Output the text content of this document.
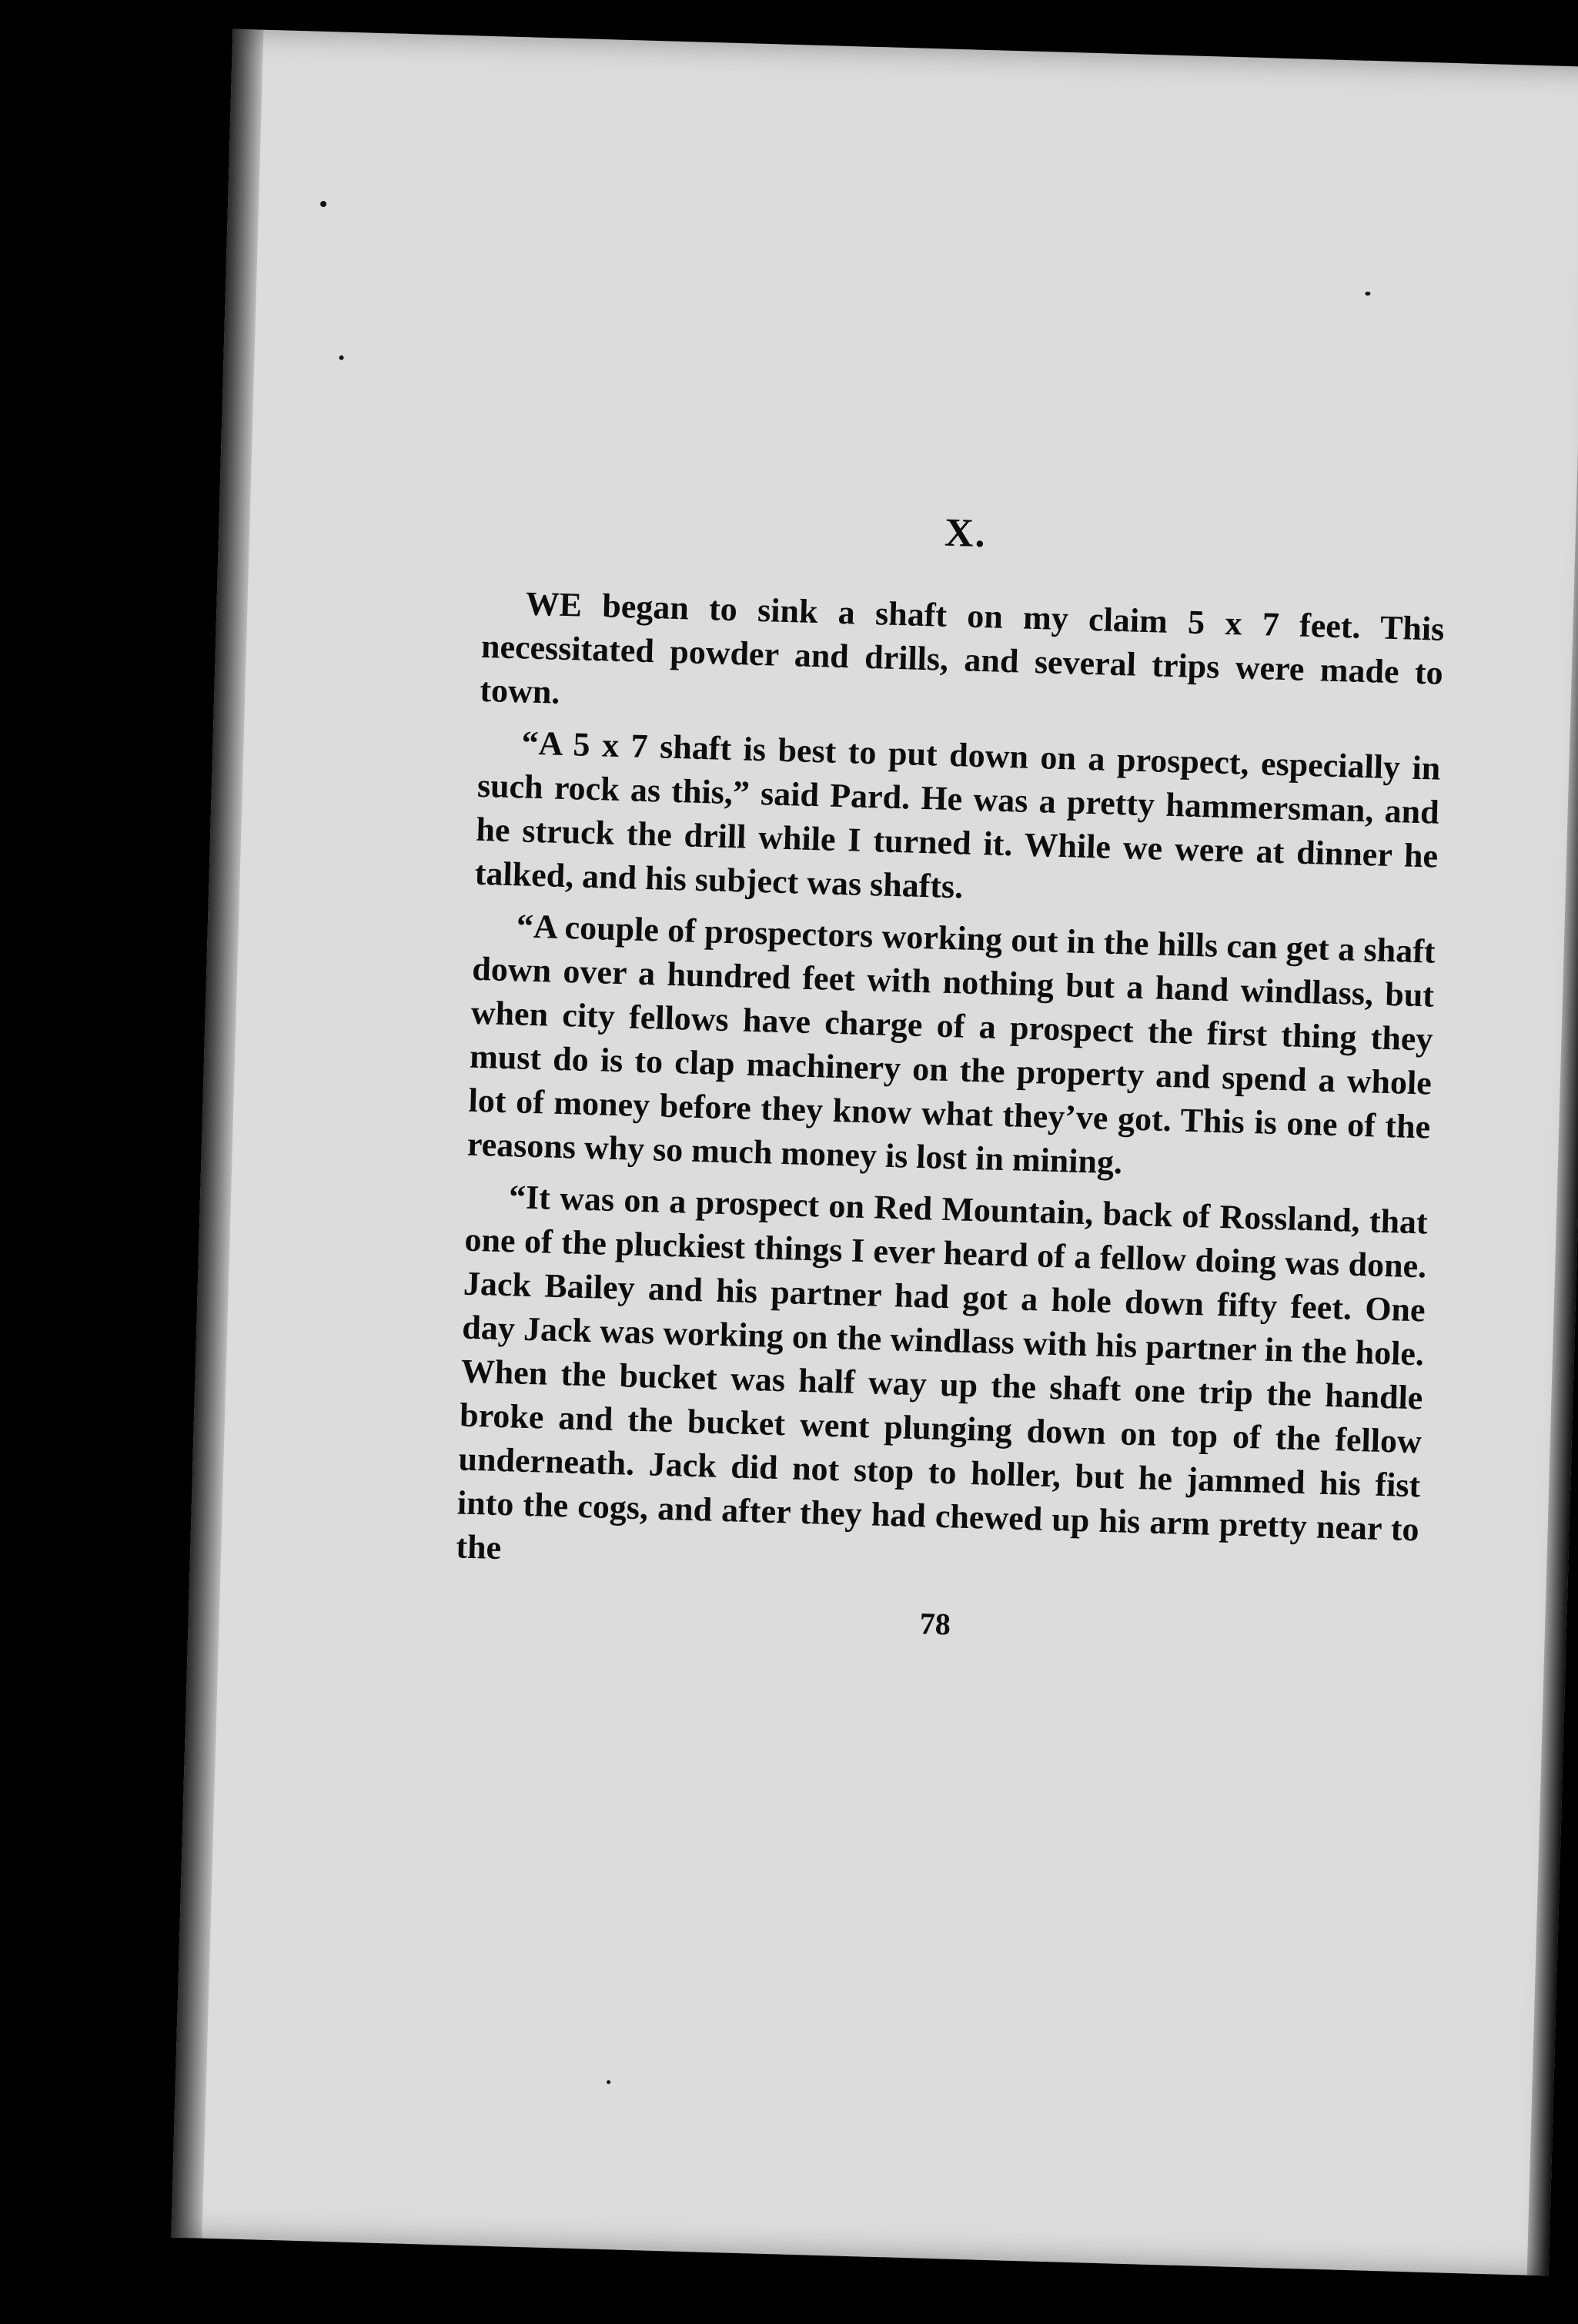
X.

WE began to sink a shaft on my claim 5 x 7 feet. This necessitated powder and drills, and several trips were made to town.

“A 5 x 7 shaft is best to put down on a prospect, especially in such rock as this,” said Pard. He was a pretty hammersman, and he struck the drill while I turned it. While we were at dinner he talked, and his subject was shafts.

“A couple of prospectors working out in the hills can get a shaft down over a hundred feet with nothing but a hand windlass, but when city fellows have charge of a prospect the first thing they must do is to clap machinery on the property and spend a whole lot of money before they know what they’ve got. This is one of the reasons why so much money is lost in mining.

“It was on a prospect on Red Mountain, back of Rossland, that one of the pluckiest things I ever heard of a fellow doing was done. Jack Bailey and his partner had got a hole down fifty feet. One day Jack was working on the windlass with his partner in the hole. When the bucket was half way up the shaft one trip the handle broke and the bucket went plunging down on top of the fellow underneath. Jack did not stop to holler, but he jammed his fist into the cogs, and after they had chewed up his arm pretty near to the

78
